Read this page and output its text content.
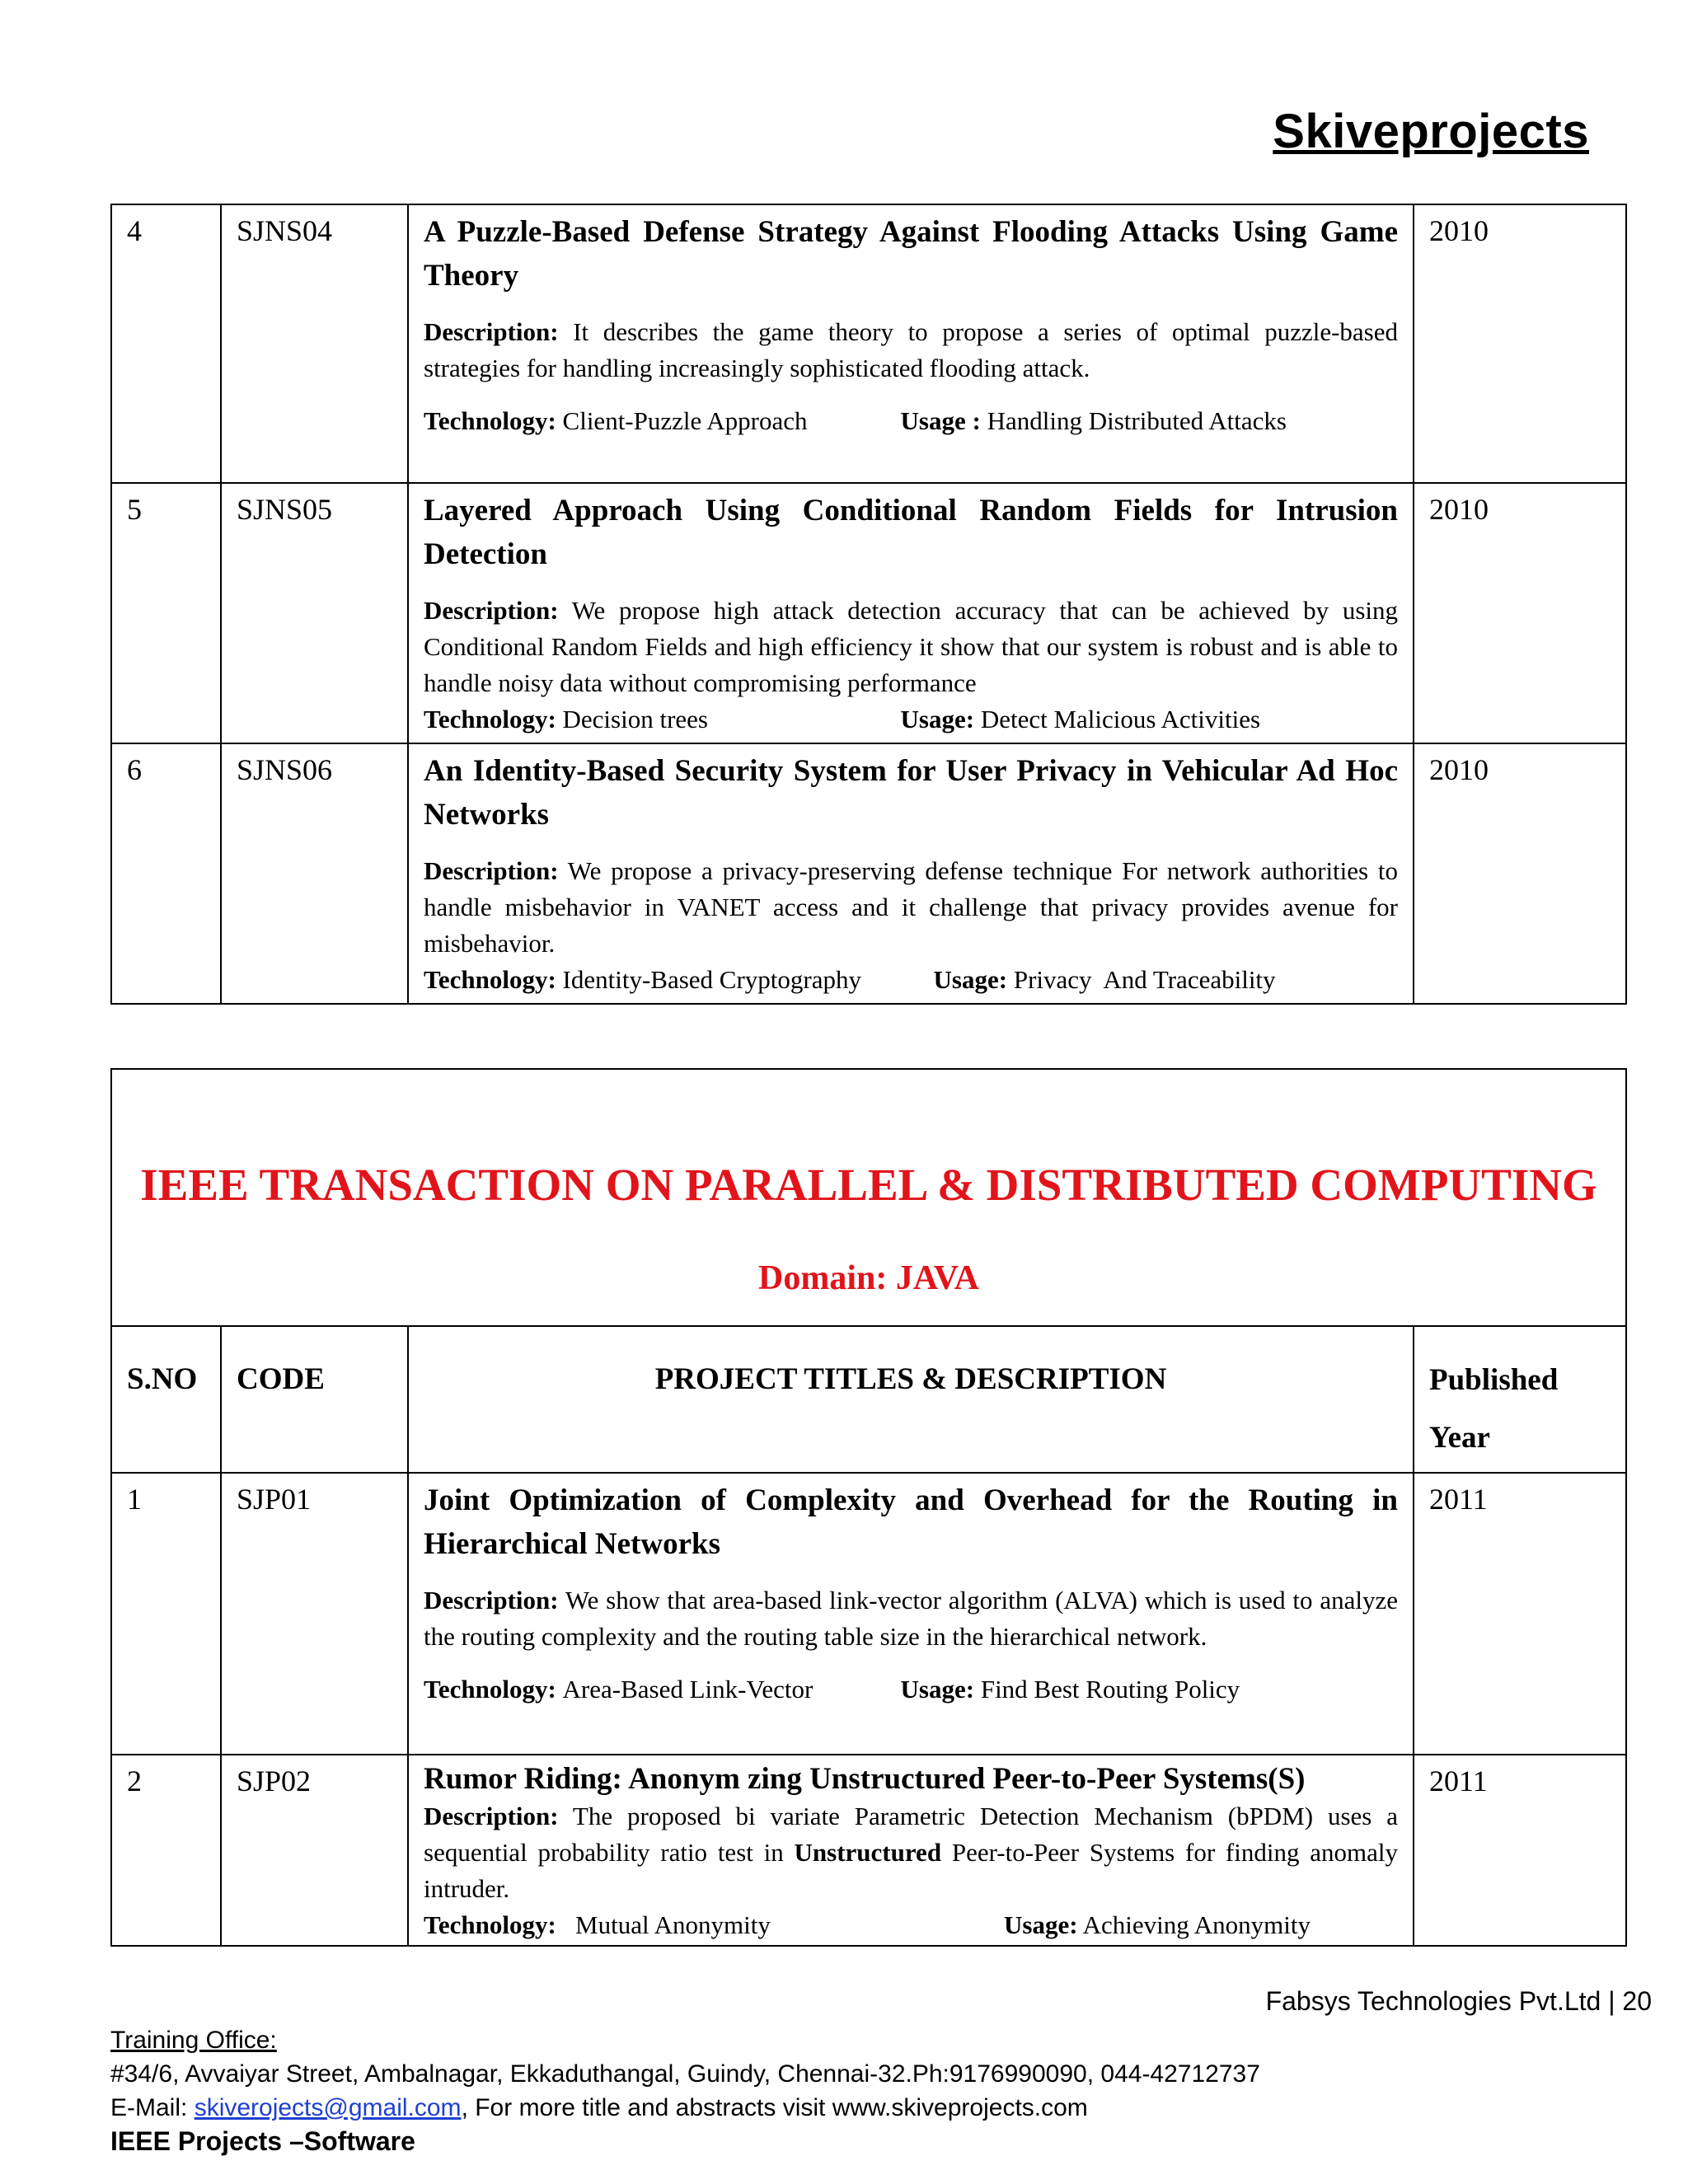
Skiveprojects
4	SJNS04	A Puzzle-Based Defense Strategy Against Flooding Attacks Using Game Theory
Description: It describes the game theory to propose a series of optimal puzzle-based strategies for handling increasingly sophisticated flooding attack.
Technology: Client-Puzzle Approach Usage : Handling Distributed Attacks	2010
5	SJNS05	Layered Approach Using Conditional Random Fields for Intrusion Detection
Description: We propose high attack detection accuracy that can be achieved by using Conditional Random Fields and high efficiency it show that our system is robust and is able to handle noisy data without compromising performance
Technology: Decision trees Usage: Detect Malicious Activities	2010
6	SJNS06	An Identity-Based Security System for User Privacy in Vehicular Ad Hoc Networks
Description: We propose a privacy-preserving defense technique For network authorities to handle misbehavior in VANET access and it challenge that privacy provides avenue for misbehavior.
Technology: Identity-Based Cryptography Usage: Privacy  And Traceability	2010
IEEE TRANSACTION ON PARALLEL & DISTRIBUTED COMPUTING
Domain: JAVA			

S.NO	CODE	PROJECT TITLES & DESCRIPTION	Published
Year
1	SJP01	Joint Optimization of Complexity and Overhead for the Routing in Hierarchical Networks
Description: We show that area-based link-vector algorithm (ALVA) which is used to analyze the routing complexity and the routing table size in the hierarchical network.
Technology: Area-Based Link-Vector Usage: Find Best Routing Policy	2011
2	SJP02	Rumor Riding: Anonym zing Unstructured Peer-to-Peer Systems(S)
Description: The proposed bi variate Parametric Detection Mechanism (bPDM) uses a sequential probability ratio test in Unstructured Peer-to-Peer Systems for finding anomaly intruder.
Technology: Mutual Anonymity Usage: Achieving Anonymity	2011
Fabsys Technologies Pvt.Ltd | 20
Training Office:
#34/6, Avvaiyar Street, Ambalnagar, Ekkaduthangal, Guindy, Chennai-32.Ph:9176990090, 044-42712737
E-Mail: skiverojects@gmail.com, For more title and abstracts visit www.skiveprojects.com
IEEE Projects –Software
